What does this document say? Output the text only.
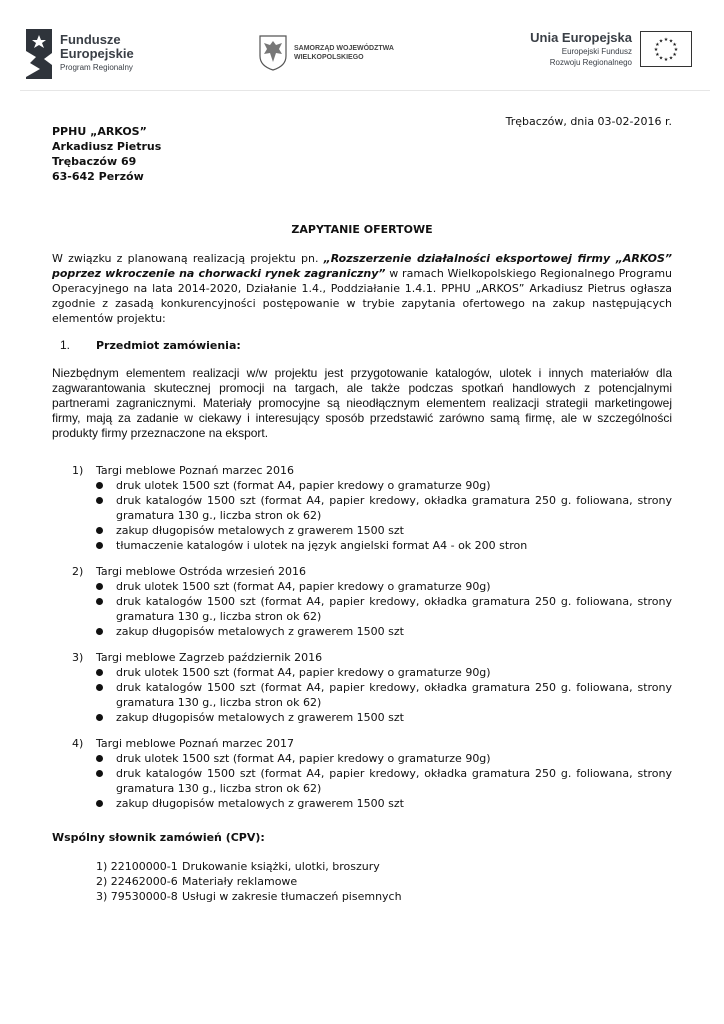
Fundusze
Europejskie
Program Regionalny
SAMORZĄD WOJEWÓDZTWA
WIELKOPOLSKIEGO
Unia Europejska
Europejski Fundusz
Rozwoju Regionalnego
★
★
★
★
★
★
★
★
★ ★ ★
★
Trębaczów, dnia 03-02-2016 r.
PPHU „ARKOS”
Arkadiusz Pietrus
Trębaczów 69
63-642 Perzów
ZAPYTANIE OFERTOWE
W związku z planowaną realizacją projektu pn. „Rozszerzenie działalności eksportowej firmy „ARKOS” poprzez wkroczenie na chorwacki rynek zagraniczny” w ramach Wielkopolskiego Regionalnego Programu Operacyjnego na lata 2014-2020, Działanie 1.4., Poddziałanie 1.4.1. PPHU „ARKOS” Arkadiusz Pietrus ogłasza zgodnie z zasadą konkurencyjności postępowanie w trybie zapytania ofertowego na zakup następujących elementów projektu:
1. Przedmiot zamówienia:
Niezbędnym elementem realizacji w/w projektu jest przygotowanie katalogów, ulotek i innych materiałów dla zagwarantowania skutecznej promocji na targach, ale także podczas spotkań handlowych z potencjalnymi partnerami zagranicznymi. Materiały promocyjne są nieodłącznym elementem realizacji strategii marketingowej firmy, mają za zadanie w ciekawy i interesujący sposób przedstawić zarówno samą firmę, ale w szczególności produkty firmy przeznaczone na eksport.
1)	Targi meblowe Poznań marzec 2016
druk ulotek 1500 szt (format A4, papier kredowy o gramaturze 90g)
druk katalogów 1500 szt (format A4, papier kredowy, okładka gramatura 250 g. foliowana, strony gramatura 130 g., liczba stron ok 62)
zakup długopisów metalowych z grawerem 1500 szt
tłumaczenie katalogów i ulotek na język angielski format A4 - ok 200 stron
2)	Targi meblowe Ostróda wrzesień 2016
druk ulotek 1500 szt (format A4, papier kredowy o gramaturze 90g)
druk katalogów 1500 szt (format A4, papier kredowy, okładka gramatura 250 g. foliowana, strony gramatura 130 g., liczba stron ok 62)
zakup długopisów metalowych z grawerem 1500 szt
3)	Targi meblowe Zagrzeb październik 2016
druk ulotek 1500 szt (format A4, papier kredowy o gramaturze 90g)
druk katalogów 1500 szt (format A4, papier kredowy, okładka gramatura 250 g. foliowana, strony gramatura 130 g., liczba stron ok 62)
zakup długopisów metalowych z grawerem 1500 szt
4)	Targi meblowe Poznań marzec 2017
druk ulotek 1500 szt (format A4, papier kredowy o gramaturze 90g)
druk katalogów 1500 szt (format A4, papier kredowy, okładka gramatura 250 g. foliowana, strony gramatura 130 g., liczba stron ok 62)
zakup długopisów metalowych z grawerem 1500 szt
Wspólny słownik zamówień (CPV):
1) 22100000-1 Drukowanie książki, ulotki, broszury
2) 22462000-6 Materiały reklamowe
3) 79530000-8 Usługi w zakresie tłumaczeń pisemnych
